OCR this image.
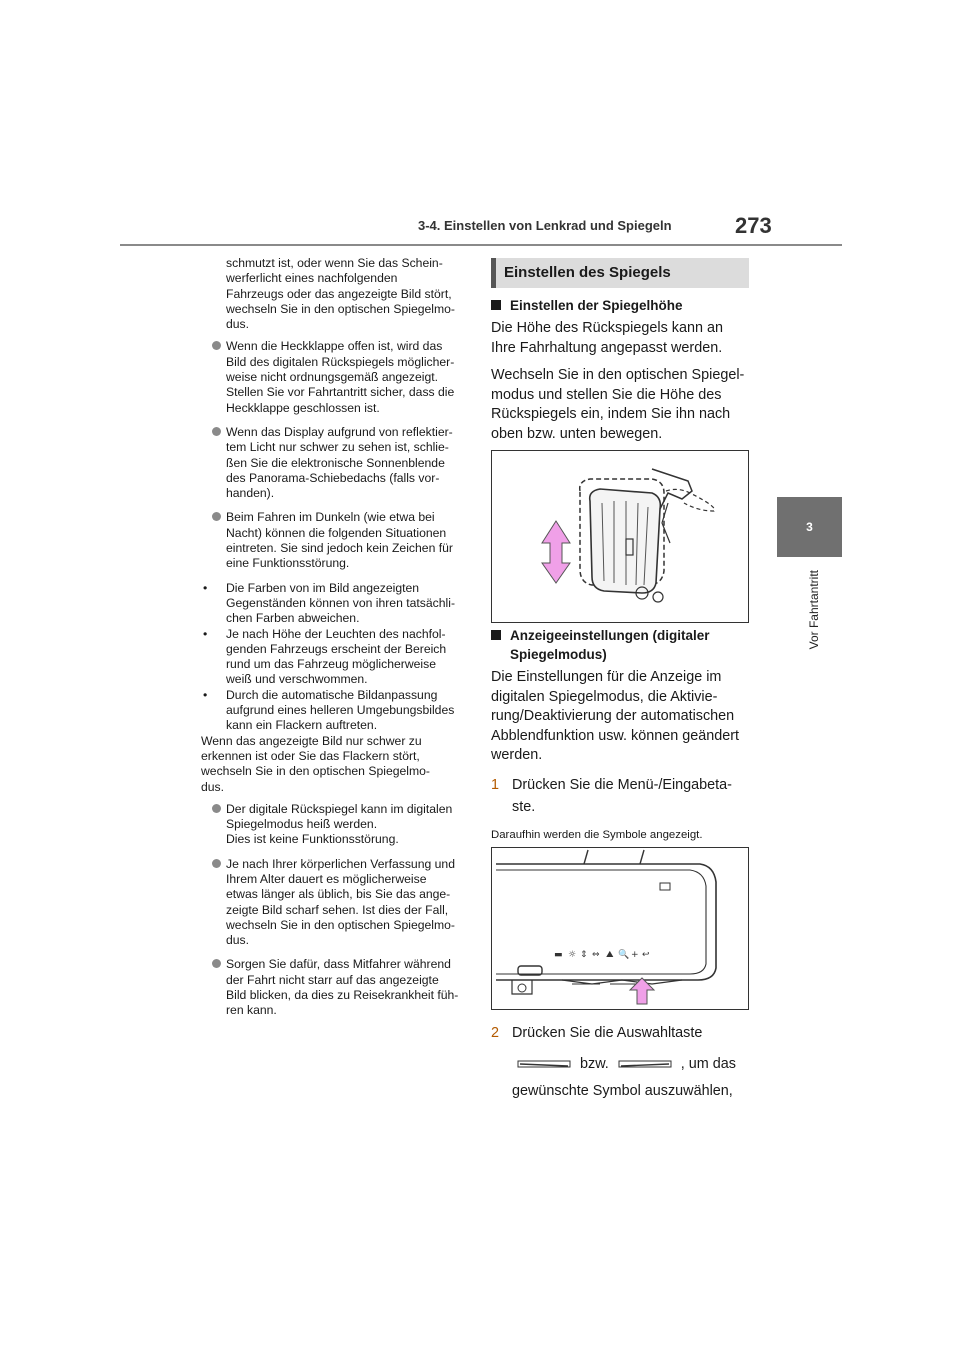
3-4. Einstellen von Lenkrad und Spiegeln	273
3
Vor Fahrtantritt

schmutzt ist, oder wenn Sie das Schein-
werferlicht eines nachfolgenden
Fahrzeugs oder das angezeigte Bild stört,
wechseln Sie in den optischen Spiegelmo-
dus.

Wenn die Heckklappe offen ist, wird das
Bild des digitalen Rückspiegels möglicher-
weise nicht ordnungsgemäß angezeigt.
Stellen Sie vor Fahrtantritt sicher, dass die
Heckklappe geschlossen ist.
Wenn das Display aufgrund von reflektier-
tem Licht nur schwer zu sehen ist, schlie-
ßen Sie die elektronische Sonnenblende
des Panorama-Schiebedachs (falls vor-
handen).
Beim Fahren im Dunkeln (wie etwa bei
Nacht) können die folgenden Situationen
eintreten. Sie sind jedoch kein Zeichen für
eine Funktionsstörung.
• Die Farben von im Bild angezeigten
Gegenständen können von ihren tatsächli-
chen Farben abweichen.
• Je nach Höhe der Leuchten des nachfol-
genden Fahrzeugs erscheint der Bereich
rund um das Fahrzeug möglicherweise
weiß und verschwommen.
• Durch die automatische Bildanpassung
aufgrund eines helleren Umgebungsbildes
kann ein Flackern auftreten.

Wenn das angezeigte Bild nur schwer zu
erkennen ist oder Sie das Flackern stört,
wechseln Sie in den optischen Spiegelmo-
dus.

Der digitale Rückspiegel kann im digitalen
Spiegelmodus heiß werden.
Dies ist keine Funktionsstörung.
Je nach Ihrer körperlichen Verfassung und
Ihrem Alter dauert es möglicherweise
etwas länger als üblich, bis Sie das ange-
zeigte Bild scharf sehen. Ist dies der Fall,
wechseln Sie in den optischen Spiegelmo-
dus.
Sorgen Sie dafür, dass Mitfahrer während
der Fahrt nicht starr auf das angezeigte
Bild blicken, da dies zu Reisekrankheit füh-
ren kann.
Einstellen des Spiegels
Einstellen der Spiegelhöhe

Die Höhe des Rückspiegels kann an
Ihre Fahrhaltung angepasst werden.

Wechseln Sie in den optischen Spiegel-
modus und stellen Sie die Höhe des
Rückspiegels ein, indem Sie ihn nach
oben bzw. unten bewegen.

Anzeigeeinstellungen (digitaler
Spiegelmodus)

Die Einstellungen für die Anzeige im
digitalen Spiegelmodus, die Aktivie-
rung/Deaktivierung der automatischen
Abblendfunktion usw. können geändert
werden.

1 Drücken Sie die Menü-/Eingabeta-
ste.
Daraufhin werden die Symbole angezeigt.
▬ ☼ ⇕ ⇔ ⛰ 🔍 + ↩
2 Drücken Sie die Auswahltaste
bzw.	, um das
gewünschte Symbol auszuwählen,
